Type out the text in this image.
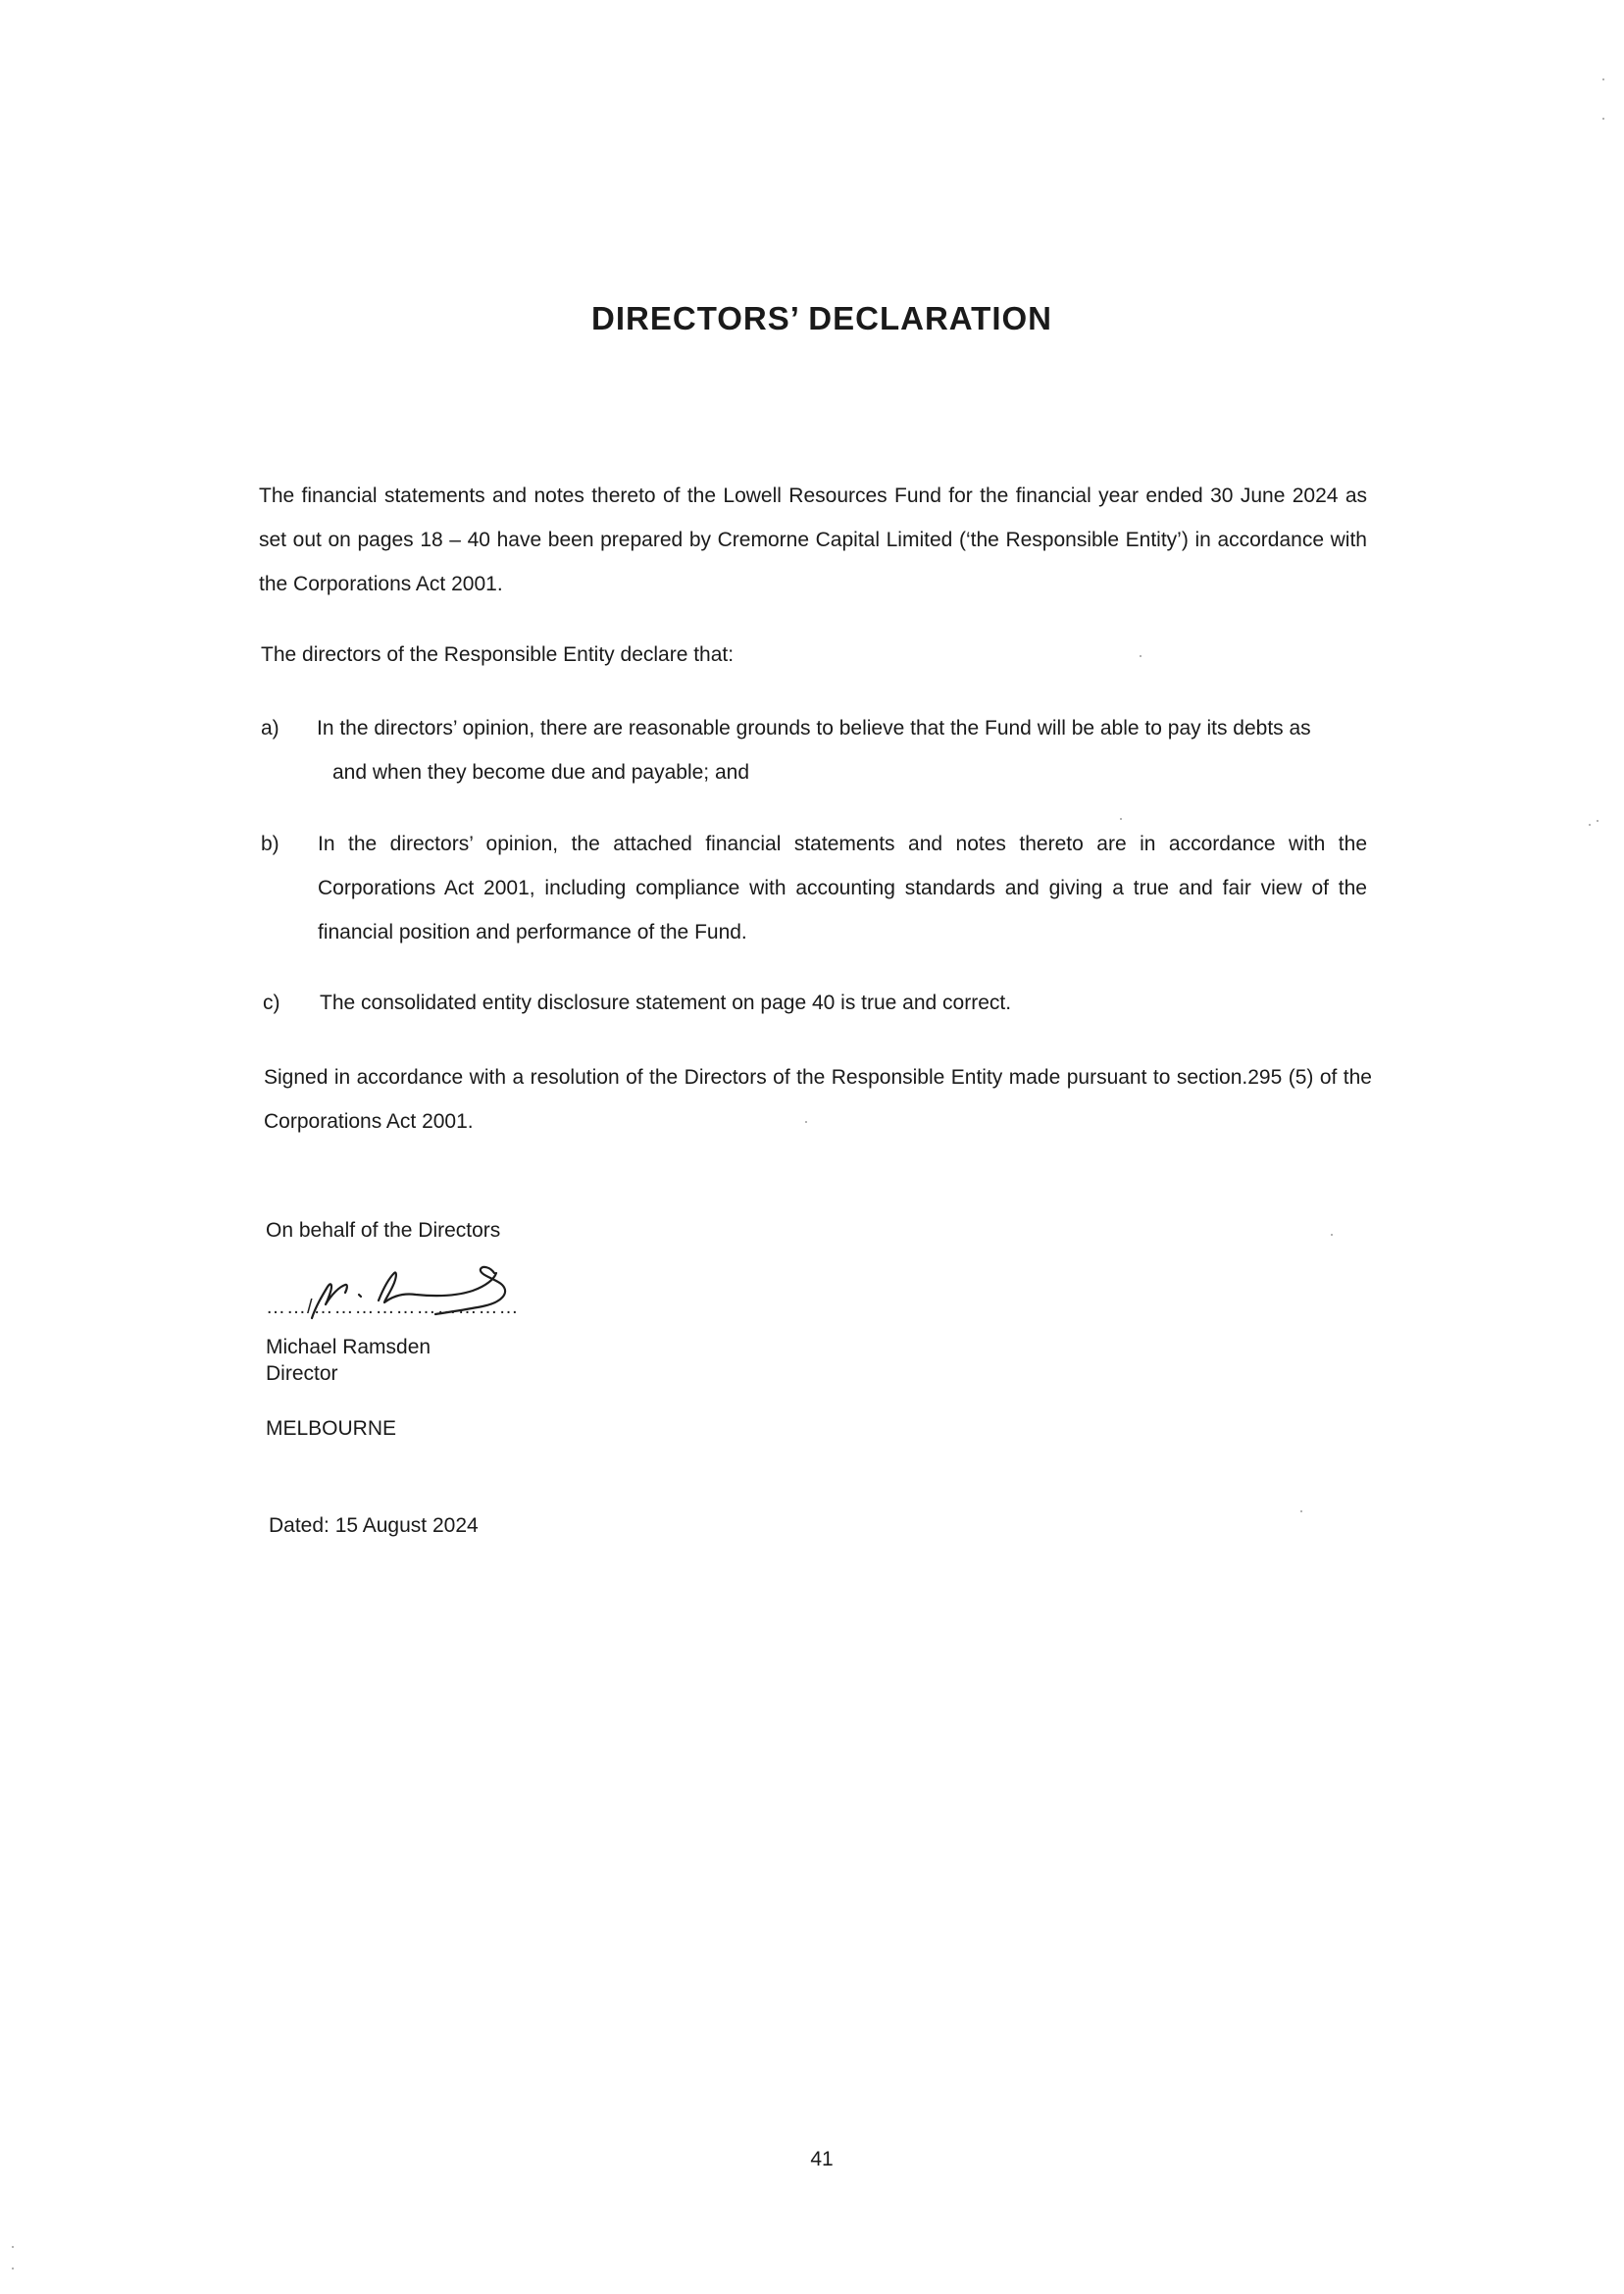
DIRECTORS’ DECLARATION
The financial statements and notes thereto of the Lowell Resources Fund for the financial year ended 30 June 2024 as set out on pages 18 – 40 have been prepared by Cremorne Capital Limited (‘the Responsible Entity’) in accordance with the Corporations Act 2001.
The directors of the Responsible Entity declare that:
a) In the directors’ opinion, there are reasonable grounds to believe that the Fund will be able to pay its debts as
and when they become due and payable; and
b) In the directors’ opinion, the attached financial statements and notes thereto are in accordance with the Corporations Act 2001, including compliance with accounting standards and giving a true and fair view of the financial position and performance of the Fund.
c) The consolidated entity disclosure statement on page 40 is true and correct.
Signed in accordance with a resolution of the Directors of the Responsible Entity made pursuant to section.295 (5) of the Corporations Act 2001.
On behalf of the Directors
……/…………………………
Michael Ramsden
Director
MELBOURNE
Dated: 15 August 2024
41
